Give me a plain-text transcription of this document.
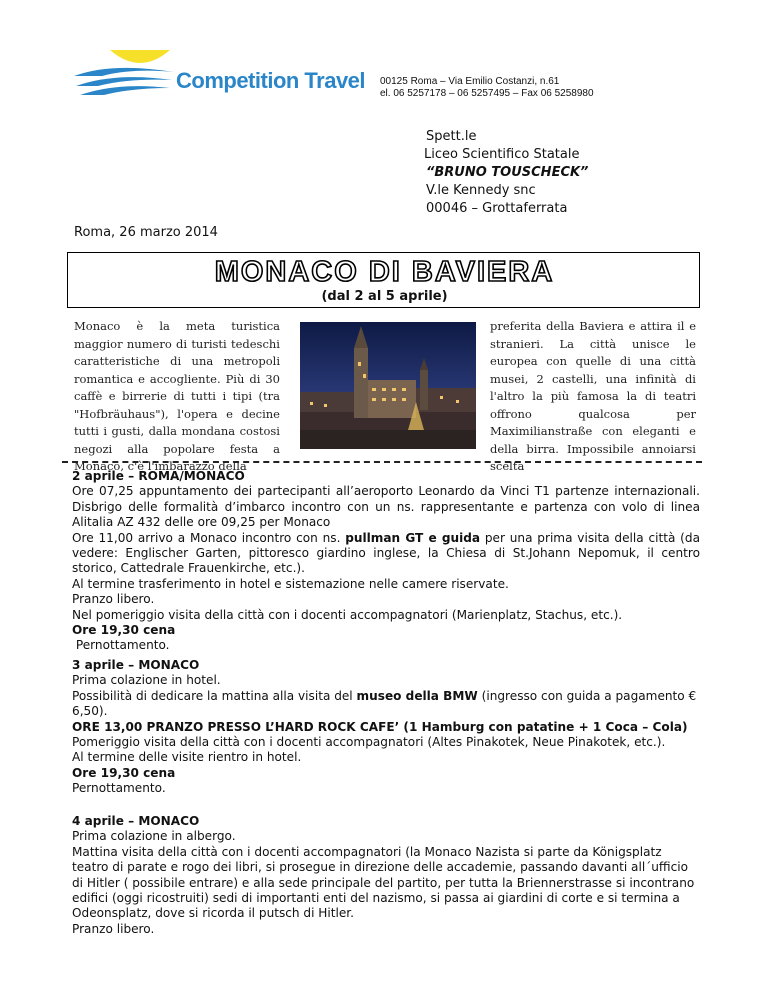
Competition Travel 00125 Roma – Via Emilio Costanzi, n.61
el. 06 5257178 – 06 5257495 – Fax 06 5258980
Spett.le
Liceo Scientifico Statale
“BRUNO TOUSCHECK”
V.le Kennedy snc
00046 – Grottaferrata
Roma, 26 marzo 2014
MONACO DI BAVIERA
(dal 2 al 5 aprile)
Monaco è la meta turistica maggior numero di turisti tedeschi caratteristiche di una metropoli romantica e accogliente. Più di 30 caffè e birrerie di tutti i tipi (tra "Hofbräuhaus"), l'opera e decine tutti i gusti, dalla mondana costosi negozi alla popolare festa a Monaco, c'è l'imbarazzo della
preferita della Baviera e attira il e stranieri. La città unisce le europea con quelle di una città musei, 2 castelli, una infinità di l'altro la più famosa la di teatri offrono qualcosa per Maximilianstraße con eleganti e della birra. Impossibile annoiarsi scelta

2 aprile – ROMA/MONACO

Ore 07,25 appuntamento dei partecipanti all’aeroporto Leonardo da Vinci T1 partenze internazionali. Disbrigo delle formalità d’imbarco incontro con un ns. rappresentante e partenza con volo di linea Alitalia AZ 432 delle ore 09,25 per Monaco

Ore 11,00 arrivo a Monaco incontro con ns. pullman GT e guida per una prima visita della città (da vedere: Englischer Garten, pittoresco giardino inglese, la Chiesa di St.Johann Nepomuk, il centro storico, Cattedrale Frauenkirche, etc.).

Al termine trasferimento in hotel e sistemazione nelle camere riservate.

Pranzo libero.

Nel pomeriggio visita della città con i docenti accompagnatori (Marienplatz, Stachus, etc.).

Ore 19,30 cena

Pernottamento.

3 aprile – MONACO

Prima colazione in hotel.

Possibilità di dedicare la mattina alla visita del museo della BMW (ingresso con guida a pagamento € 6,50).

ORE 13,00 PRANZO PRESSO L’HARD ROCK CAFE’ (1 Hamburg con patatine + 1 Coca – Cola)

Pomeriggio visita della città con i docenti accompagnatori (Altes Pinakotek, Neue Pinakotek, etc.).

Al termine delle visite rientro in hotel.

Ore 19,30 cena

Pernottamento.

4 aprile – MONACO

Prima colazione in albergo.

Mattina visita della città con i docenti accompagnatori (la Monaco Nazista si parte da Königsplatz teatro di parate e rogo dei libri, si prosegue in direzione delle accademie, passando davanti all´ufficio di Hitler ( possibile entrare) e alla sede principale del partito, per tutta la Briennerstrasse si incontrano edifici (oggi ricostruiti) sedi di importanti enti del nazismo, si passa ai giardini di corte e si termina a Odeonsplatz, dove si ricorda il putsch di Hitler.

Pranzo libero.
